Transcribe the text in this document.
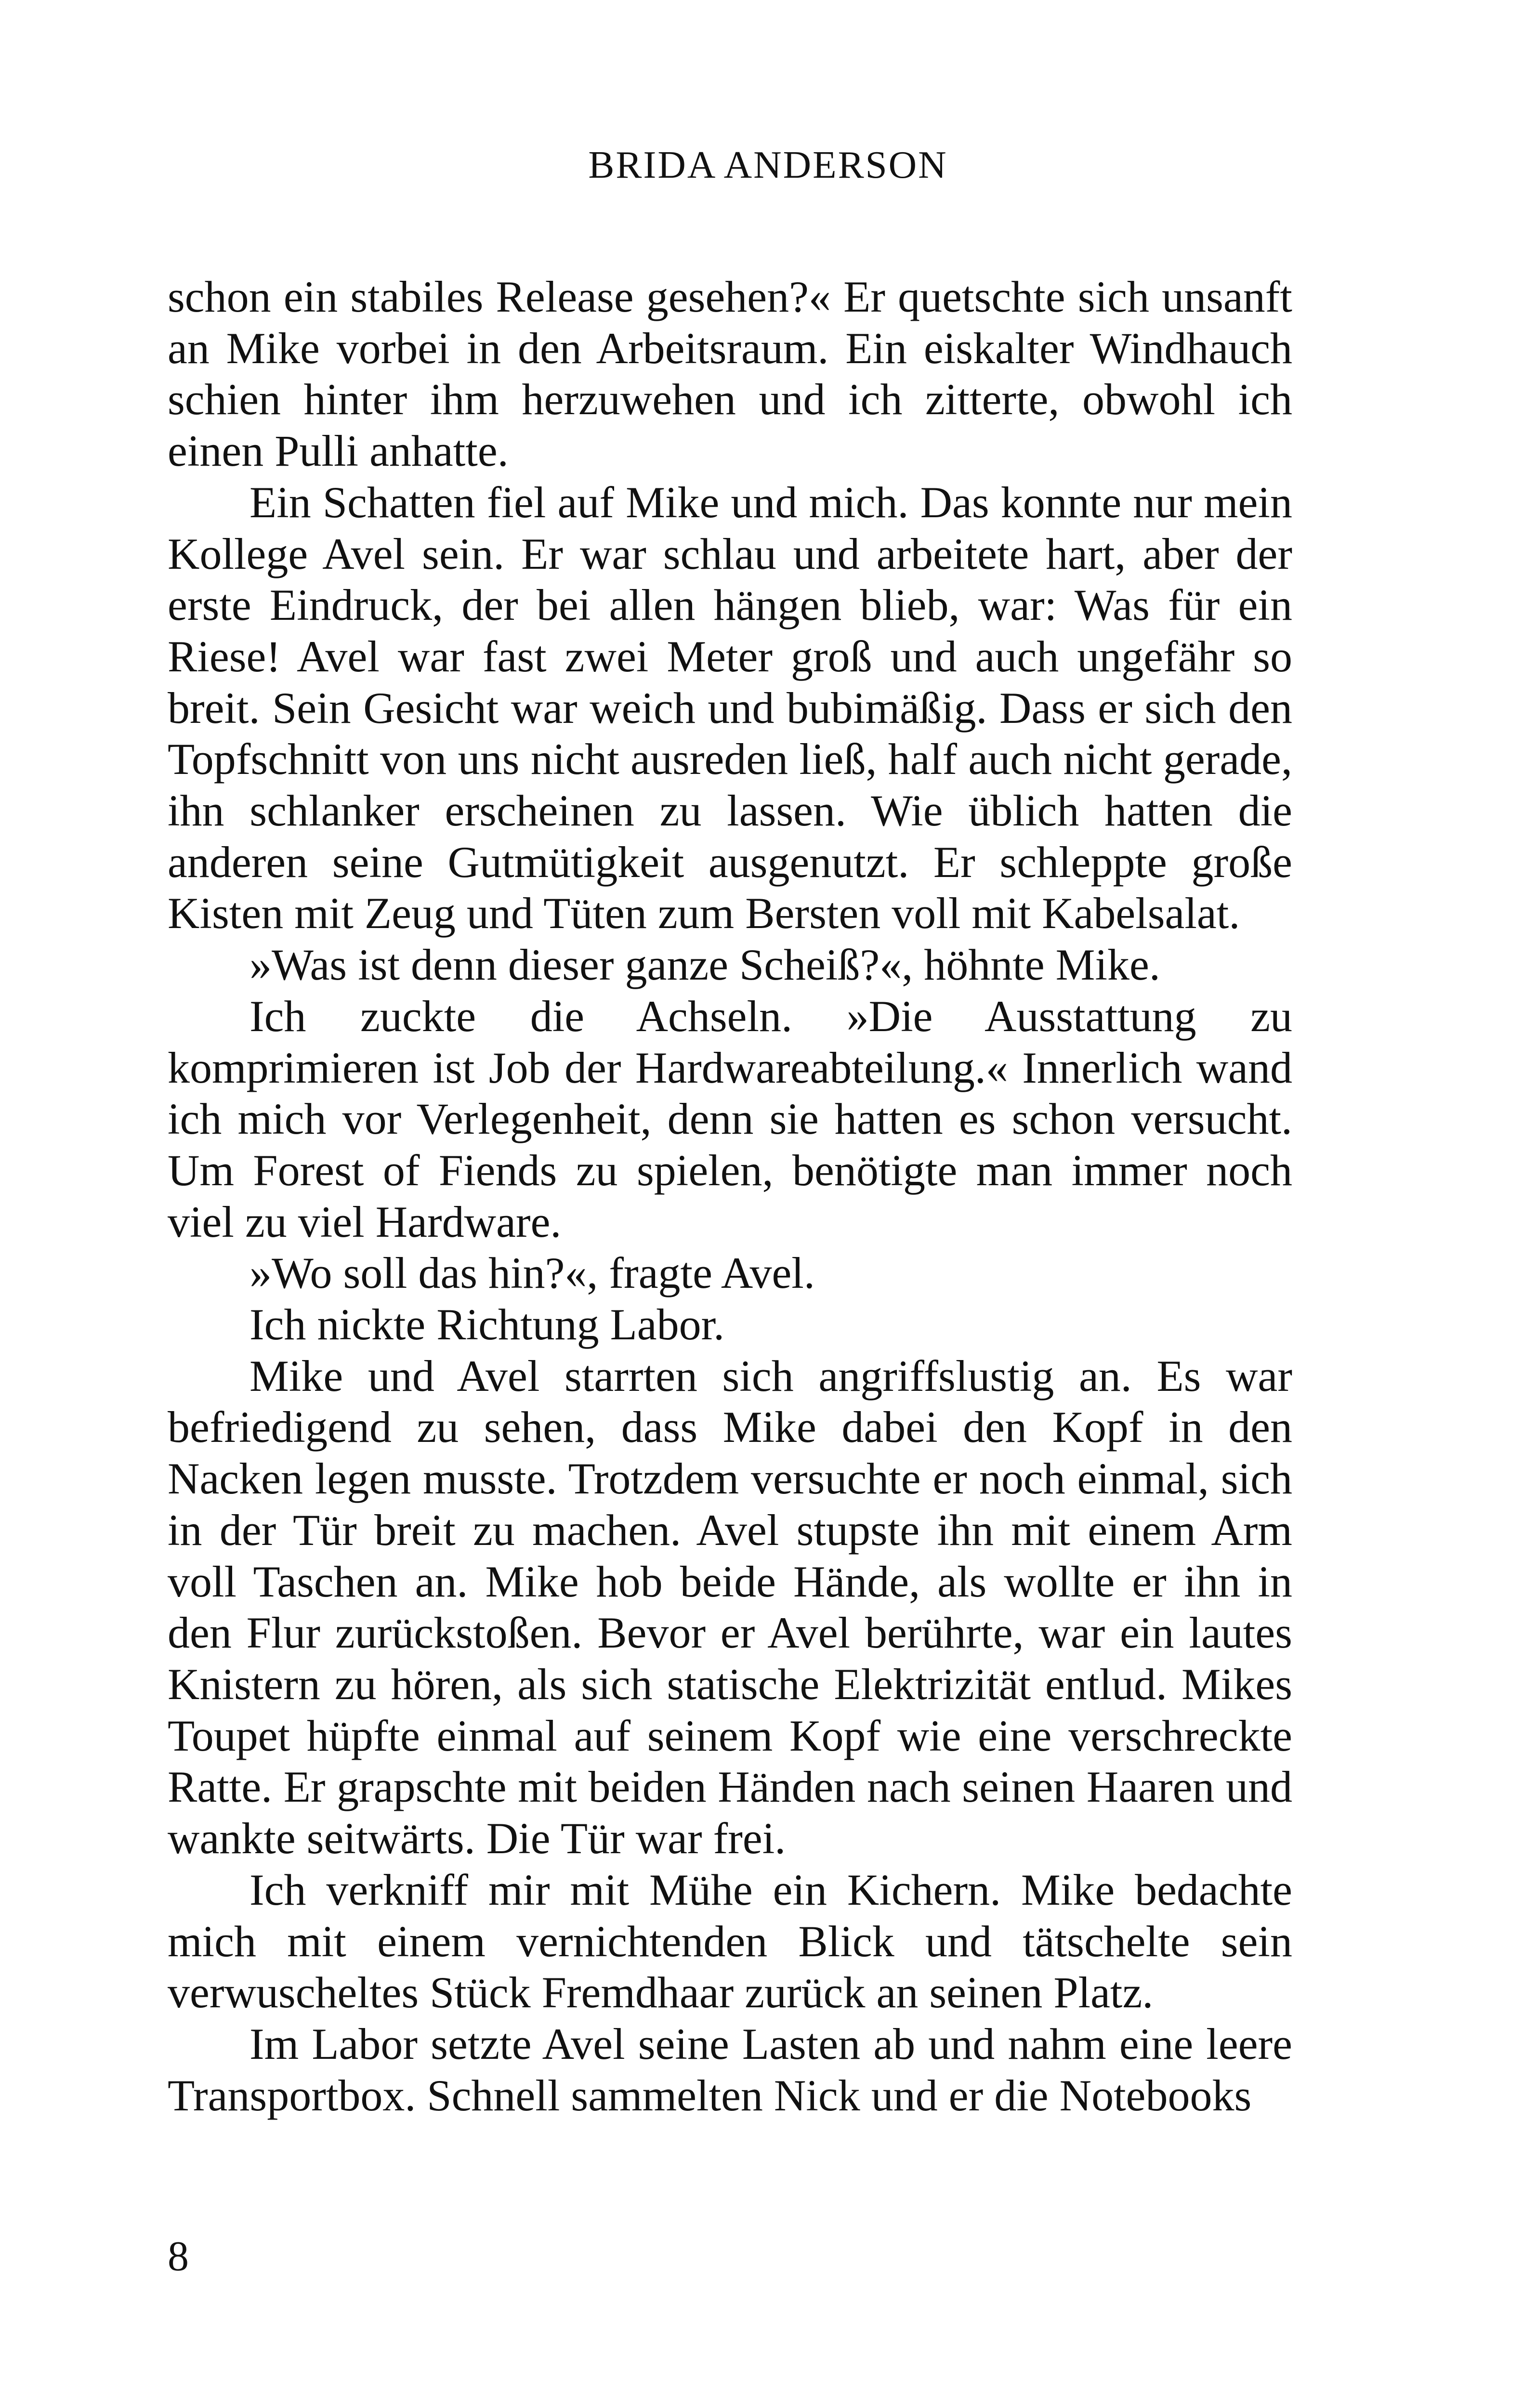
BRIDA ANDERSON

schon ein stabiles Release gesehen?« Er quetschte sich unsanft an Mike vorbei in den Arbeitsraum. Ein eiskalter Windhauch schien hinter ihm herzuwehen und ich zitterte, obwohl ich einen Pulli anhatte.

Ein Schatten fiel auf Mike und mich. Das konnte nur mein Kollege Avel sein. Er war schlau und arbeitete hart, aber der erste Eindruck, der bei allen hängen blieb, war: Was für ein Riese! Avel war fast zwei Meter groß und auch ungefähr so breit. Sein Gesicht war weich und bubimäßig. Dass er sich den Topfschnitt von uns nicht ausreden ließ, half auch nicht gerade, ihn schlanker erscheinen zu lassen. Wie üblich hatten die anderen seine Gutmütigkeit ausgenutzt. Er schleppte große Kisten mit Zeug und Tüten zum Bersten voll mit Kabelsalat.

»Was ist denn dieser ganze Scheiß?«, höhnte Mike.

Ich zuckte die Achseln. »Die Ausstattung zu komprimieren ist Job der Hardwareabteilung.« Innerlich wand ich mich vor Verlegenheit, denn sie hatten es schon versucht. Um Forest of Fiends zu spielen, benötigte man immer noch viel zu viel Hardware.

»Wo soll das hin?«, fragte Avel.

Ich nickte Richtung Labor.

Mike und Avel starrten sich angriffslustig an. Es war befriedigend zu sehen, dass Mike dabei den Kopf in den Nacken legen musste. Trotzdem versuchte er noch einmal, sich in der Tür breit zu machen. Avel stupste ihn mit einem Arm voll Taschen an. Mike hob beide Hände, als wollte er ihn in den Flur zurückstoßen. Bevor er Avel berührte, war ein lautes Knistern zu hören, als sich statische Elektrizität entlud. Mikes Toupet hüpfte einmal auf seinem Kopf wie eine verschreckte Ratte. Er grapschte mit beiden Händen nach seinen Haaren und wankte seitwärts. Die Tür war frei.

Ich verkniff mir mit Mühe ein Kichern. Mike bedachte mich mit einem vernichtenden Blick und tätschelte sein verwuscheltes Stück Fremdhaar zurück an seinen Platz.

Im Labor setzte Avel seine Lasten ab und nahm eine leere Transportbox. Schnell sammelten Nick und er die Notebooks

8
